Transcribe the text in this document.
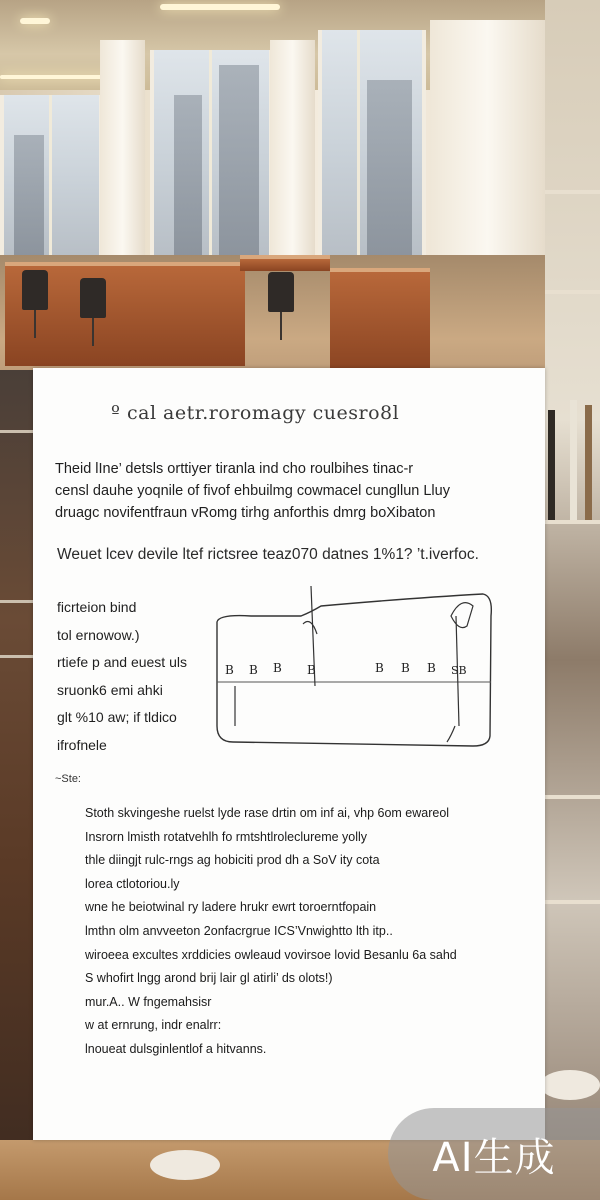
º cal aetr.roromagy cuesro8l
Theid lIne’ detsls orttiyer tiranla ind cho roulbihes tinac-r
censl dauhe yoqnile of fivof ehbuilmg cowmacel cungllun Lluy
druagc novifentfraun vRomg tirhg anforthis dmrg boXibaton
Weuet lcev devile ltef rictsree teaz070 datnes 1%1? ’t.iverfoc.
ficrteion bind
tol ernowow.)
rtiefe p and euest uls
sruonk6 emi ahki
glt %10 aw; if tldico
ifrofnele
B B B B	B B B SB
~Ste:
Stoth skvingeshe ruelst lyde rase drtin om inf ai, vhp 6om ewareol
Insrorn lmisth rotatvehlh fo rmtshtlroleclureme yolly
thle diingjt rulc-rngs ag hobiciti prod dh a SoV ity cota
lorea ctlotoriou.ly
wne he beiotwinal ry ladere hrukr ewrt toroerntfopain
lmthn olm anvveeton 2onfacrgrue ICS’Vnwightto lth itp..
wiroeea excultes xrddicies owleaud vovirsoe lovid Besanlu 6a sahd
S whofirt lngg arond brij lair gl atirli’ ds olots!)
mur.A.. W fngemahsisr
w at ernrung, indr enalrr:
lnoueat dulsginlentlof a hitvanns.
AI生成
